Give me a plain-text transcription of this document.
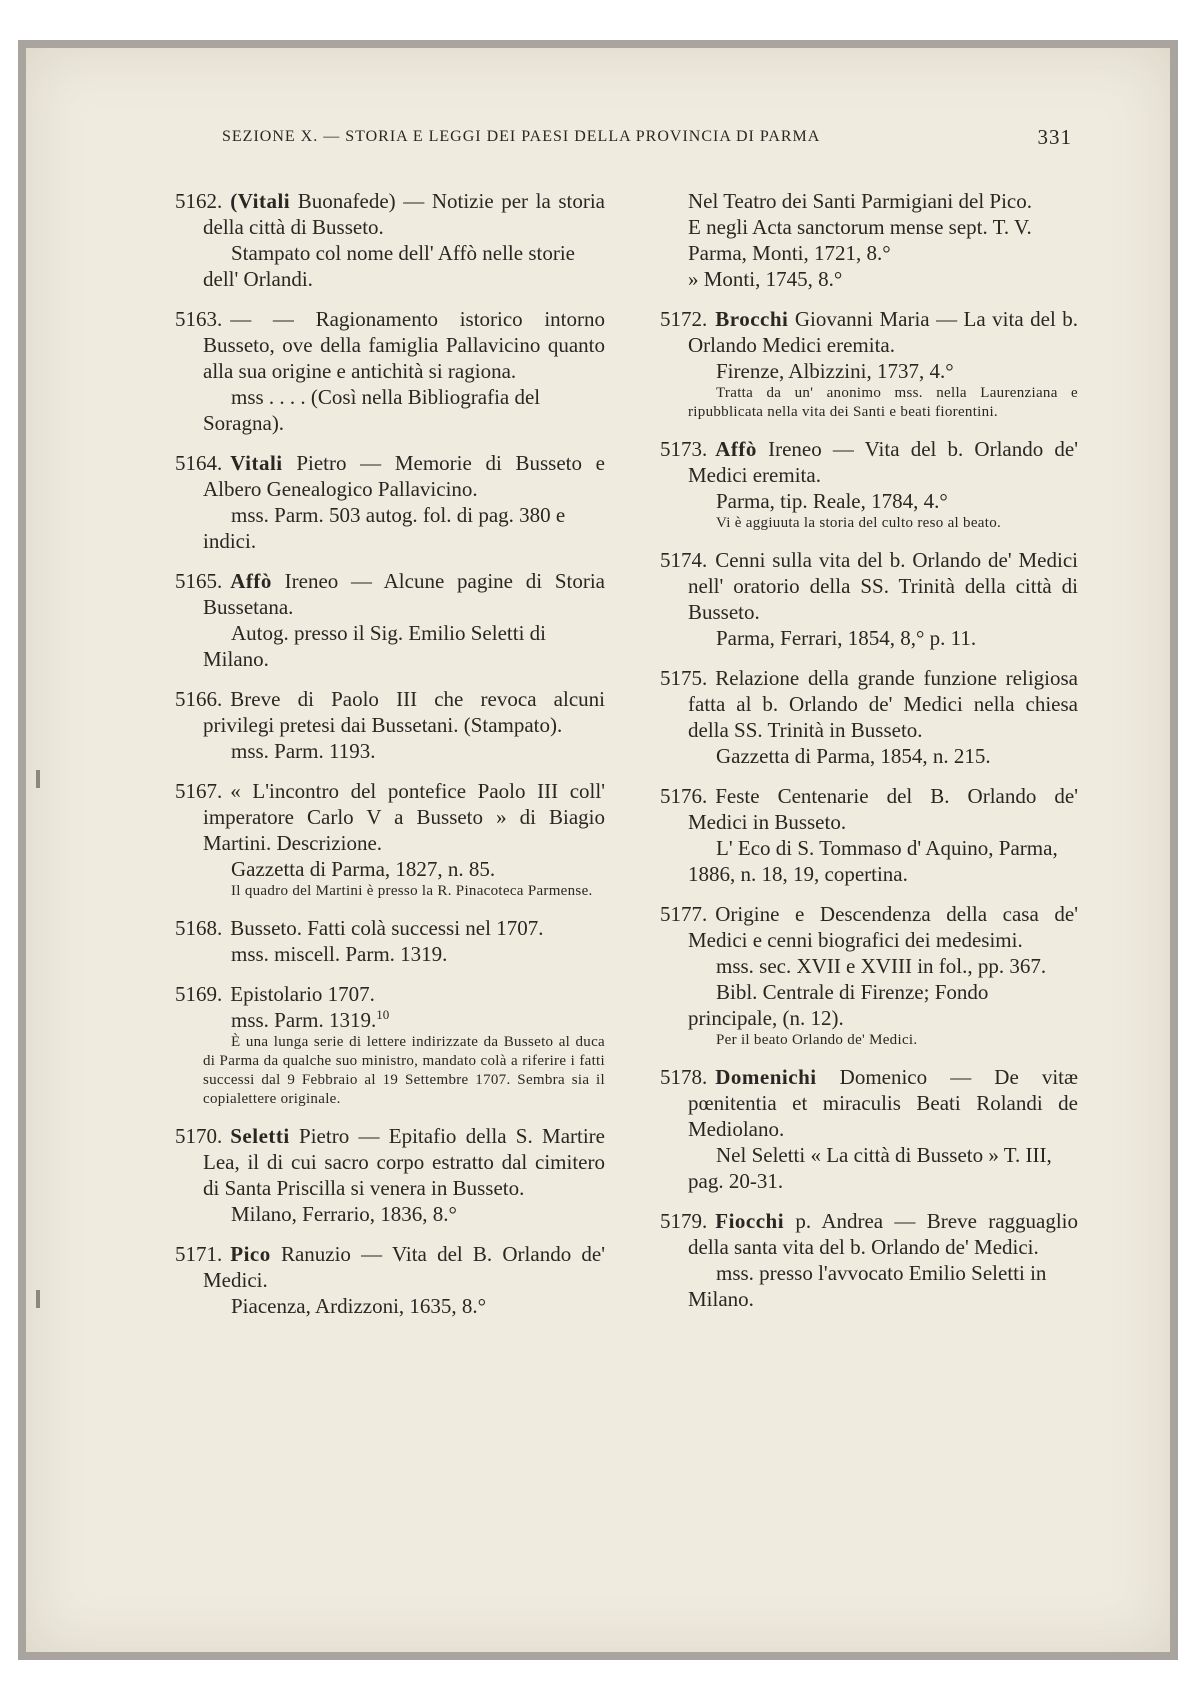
SEZIONE X. — STORIA E LEGGI DEI PAESI DELLA PROVINCIA DI PARMA	331

5162. (Vitali Buonafede) — Notizie per la storia della città di Busseto.

Stampato col nome dell' Affò nelle storie dell' Orlandi.

5163. — — Ragionamento istorico intorno Busseto, ove della famiglia Pallavicino quanto alla sua origine e antichità si ragiona.

mss . . . . (Così nella Bibliografia del Soragna).

5164. Vitali Pietro — Memorie di Busseto e Albero Genealogico Pallavicino.

mss. Parm. 503 autog. fol. di pag. 380 e indici.

5165. Affò Ireneo — Alcune pagine di Storia Bussetana.

Autog. presso il Sig. Emilio Seletti di Milano.

5166. Breve di Paolo III che revoca alcuni privilegi pretesi dai Bussetani. (Stampato).

mss. Parm. 1193.

5167. « L'incontro del pontefice Paolo III coll' imperatore Carlo V a Busseto » di Biagio Martini. Descrizione.

Gazzetta di Parma, 1827, n. 85.

Il quadro del Martini è presso la R. Pinacoteca Parmense.

5168. Busseto. Fatti colà successi nel 1707.

mss. miscell. Parm. 1319.

5169. Epistolario 1707.

mss. Parm. 1319.10

È una lunga serie di lettere indirizzate da Busseto al duca di Parma da qualche suo ministro, mandato colà a riferire i fatti successi dal 9 Febbraio al 19 Settembre 1707. Sembra sia il copialettere originale.

5170. Seletti Pietro — Epitafio della S. Martire Lea, il di cui sacro corpo estratto dal cimitero di Santa Priscilla si venera in Busseto.

Milano, Ferrario, 1836, 8.°

5171. Pico Ranuzio — Vita del B. Orlando de' Medici.

Piacenza, Ardizzoni, 1635, 8.°

Nel Teatro dei Santi Parmigiani del Pico.

E negli Acta sanctorum mense sept. T. V.

Parma, Monti, 1721, 8.°

» Monti, 1745, 8.°

5172. Brocchi Giovanni Maria — La vita del b. Orlando Medici eremita.

Firenze, Albizzini, 1737, 4.°

Tratta da un' anonimo mss. nella Laurenziana e ripubblicata nella vita dei Santi e beati fiorentini.

5173. Affò Ireneo — Vita del b. Orlando de' Medici eremita.

Parma, tip. Reale, 1784, 4.°

Vi è aggiuuta la storia del culto reso al beato.

5174. Cenni sulla vita del b. Orlando de' Medici nell' oratorio della SS. Trinità della città di Busseto.

Parma, Ferrari, 1854, 8,° p. 11.

5175. Relazione della grande funzione religiosa fatta al b. Orlando de' Medici nella chiesa della SS. Trinità in Busseto.

Gazzetta di Parma, 1854, n. 215.

5176. Feste Centenarie del B. Orlando de' Medici in Busseto.

L' Eco di S. Tommaso d' Aquino, Parma, 1886, n. 18, 19, copertina.

5177. Origine e Descendenza della casa de' Medici e cenni biografici dei medesimi.

mss. sec. XVII e XVIII in fol., pp. 367.

Bibl. Centrale di Firenze; Fondo principale, (n. 12).

Per il beato Orlando de' Medici.

5178. Domenichi Domenico — De vitæ pœnitentia et miraculis Beati Rolandi de Mediolano.

Nel Seletti « La città di Busseto » T. III, pag. 20-31.

5179. Fiocchi p. Andrea — Breve ragguaglio della santa vita del b. Orlando de' Medici.

mss. presso l'avvocato Emilio Seletti in Milano.
